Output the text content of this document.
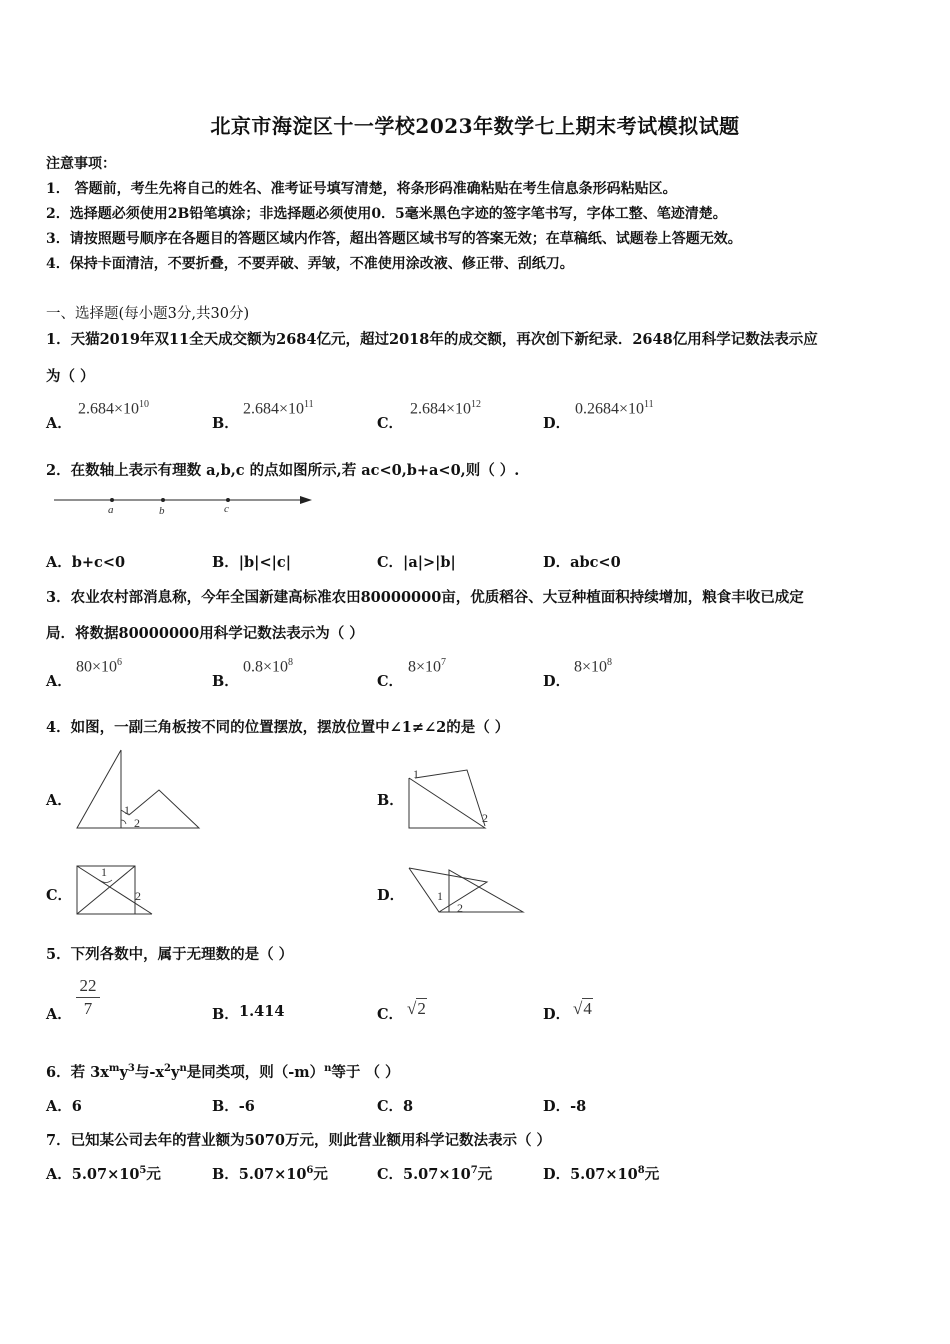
北京市海淀区十一学校2023年数学七上期末考试模拟试题
注意事项：
1． 答题前，考生先将自己的姓名、准考证号填写清楚，将条形码准确粘贴在考生信息条形码粘贴区。
2．选择题必须使用2B铅笔填涂；非选择题必须使用0．5毫米黑色字迹的签字笔书写，字体工整、笔迹清楚。
3．请按照题号顺序在各题目的答题区域内作答，超出答题区域书写的答案无效；在草稿纸、试题卷上答题无效。
4．保持卡面清洁，不要折叠，不要弄破、弄皱，不准使用涂改液、修正带、刮纸刀。
一、选择题(每小题3分,共30分)
1．天猫2019年双11全天成交额为2684亿元，超过2018年的成交额，再次创下新纪录．2648亿用科学记数法表示应
为（ ）
A．
$2.684\times 10^{10}$
B．
$2.684\times 10^{11}$
C．
$2.684\times 10^{12}$
D．
$0.2684\times 10^{11}$
2．在数轴上表示有理数 a,b,c 的点如图所示,若 ac<0,b+a<0,则（ ）.
a	b	c
A．b+c<0	B．|b|<|c|	C．|a|>|b|	D．abc<0
3．农业农村部消息称，今年全国新建高标准农田80000000亩，优质稻谷、大豆种植面积持续增加，粮食丰收已成定
局．将数据80000000用科学记数法表示为（ ）
A．
$80\times 10^6$
B．
$0.8\times 10^8$
C．
$8\times 10^7$
D．
$8\times 10^8$
4．如图，一副三角板按不同的位置摆放，摆放位置中∠1≠∠2的是（ ）
A．
1
2
B．
1
2
C．
1
2	D．	1
2
5．下列各数中，属于无理数的是（ ）
A．
22
7	B． 1.414	C． √2	D． √4
6．若 $3x^my^3$与$-x^2y^n$是同类项，则$(-m)^n$等于 （ ）
A．6	B．-6	C．8	D．-8
7．已知某公司去年的营业额为5070万元，则此营业额用科学记数法表示（ ）
A．$5.07\times 10^5$元	B．$5.07\times 10^6$元	C．$5.07\times 10^7$元	D．$5.07\times 10^8$元
